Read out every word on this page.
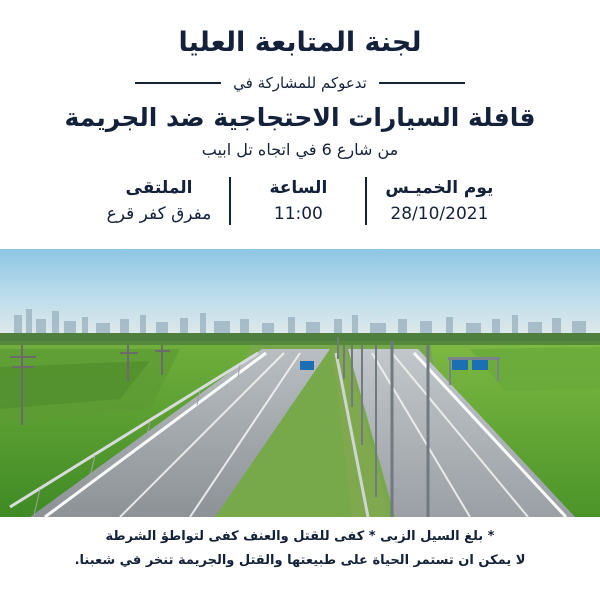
لجنة المتابعة العليا
تدعوكم للمشاركة في
قافلة السيارات الاحتجاجية ضد الجريمة
من شارع 6 في اتجاه تل ابيب
يوم الخميـس
28/10/2021
الساعة
11:00
الملتقى
مفرق كفر قرع

* بلغ السيل الزبى * كفى للقتل والعنف كفى لتواطؤ الشرطة

لا يمكن ان تستمر الحياة على طبيعتها والقتل والجريمة تنخر في شعبنا.
